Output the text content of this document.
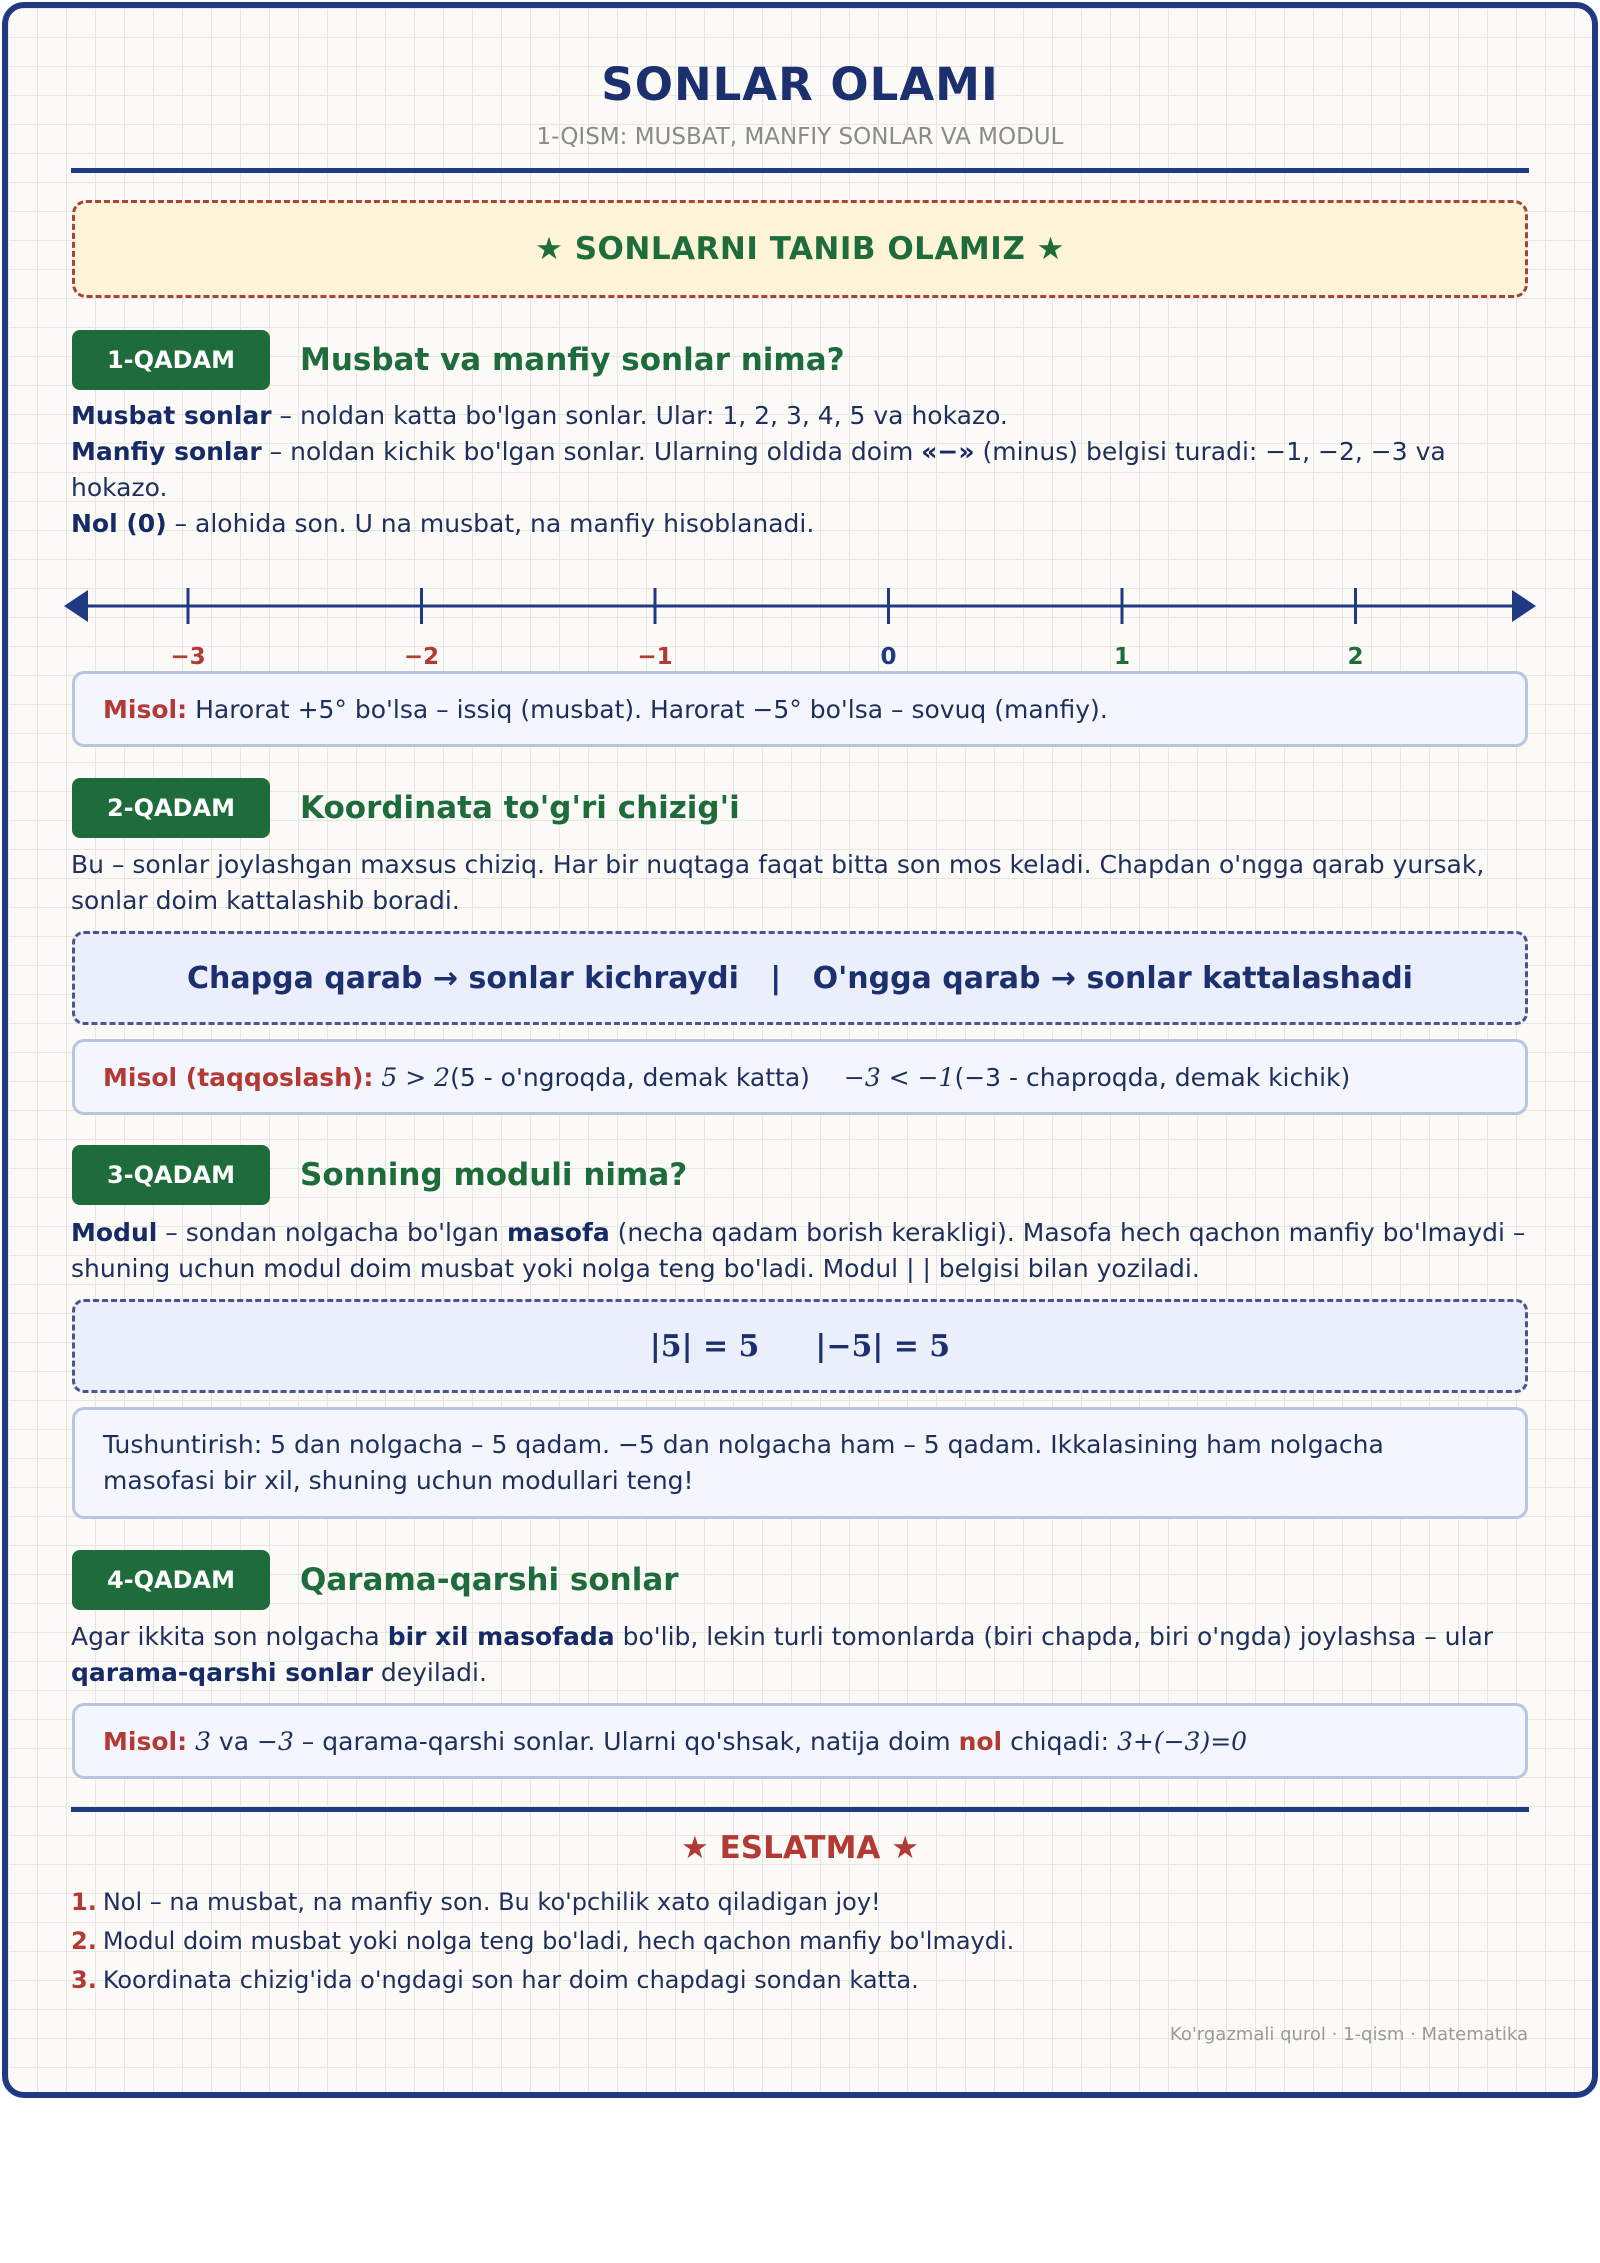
SONLAR OLAMI
1-QISM: MUSBAT, MANFIY SONLAR VA MODUL
★ SONLARNI TANIB OLAMIZ ★
1-QADAM	Musbat va manfiy sonlar nima?
Musbat sonlar – noldan katta bo'lgan sonlar. Ular: 1, 2, 3, 4, 5 va hokazo.
Manfiy sonlar – noldan kichik bo'lgan sonlar. Ularning oldida doim «−» (minus) belgisi turadi: −1, −2, −3 va hokazo.
Nol (0) – alohida son. U na musbat, na manfiy hisoblanadi.
−3	−2	−1	0	1	2
Misol: Harorat +5° bo'lsa – issiq (musbat). Harorat −5° bo'lsa – sovuq (manfiy).
2-QADAM	Koordinata to'g'ri chizig'i
Bu – sonlar joylashgan maxsus chiziq. Har bir nuqtaga faqat bitta son mos keladi. Chapdan o'ngga qarab yursak, sonlar doim kattalashib boradi.
Chapga qarab → sonlar kichraydi   |   O'ngga qarab → sonlar kattalashadi
Misol (taqqoslash): 5 > 2 (5 - o'ngroqda, demak katta) −3 < −1 (−3 - chaproqda, demak kichik)
3-QADAM	Sonning moduli nima?
Modul – sondan nolgacha bo'lgan masofa (necha qadam borish kerakligi). Masofa hech qachon manfiy bo'lmaydi – shuning uchun modul doim musbat yoki nolga teng bo'ladi. Modul | | belgisi bilan yoziladi.
|5| = 5 |−5| = 5
Tushuntirish: 5 dan nolgacha – 5 qadam. −5 dan nolgacha ham – 5 qadam. Ikkalasining ham nolgacha masofasi bir xil, shuning uchun modullari teng!
4-QADAM	Qarama-qarshi sonlar
Agar ikkita son nolgacha bir xil masofada bo'lib, lekin turli tomonlarda (biri chapda, biri o'ngda) joylashsa – ular qarama-qarshi sonlar deyiladi.
Misol: 3 va −3 – qarama-qarshi sonlar. Ularni qo'shsak, natija doim nol chiqadi: 3+(−3)=0
★ ESLATMA ★
1. Nol – na musbat, na manfiy son. Bu ko'pchilik xato qiladigan joy!
2. Modul doim musbat yoki nolga teng bo'ladi, hech qachon manfiy bo'lmaydi.
3. Koordinata chizig'ida o'ngdagi son har doim chapdagi sondan katta.
Ko'rgazmali qurol · 1-qism · Matematika
